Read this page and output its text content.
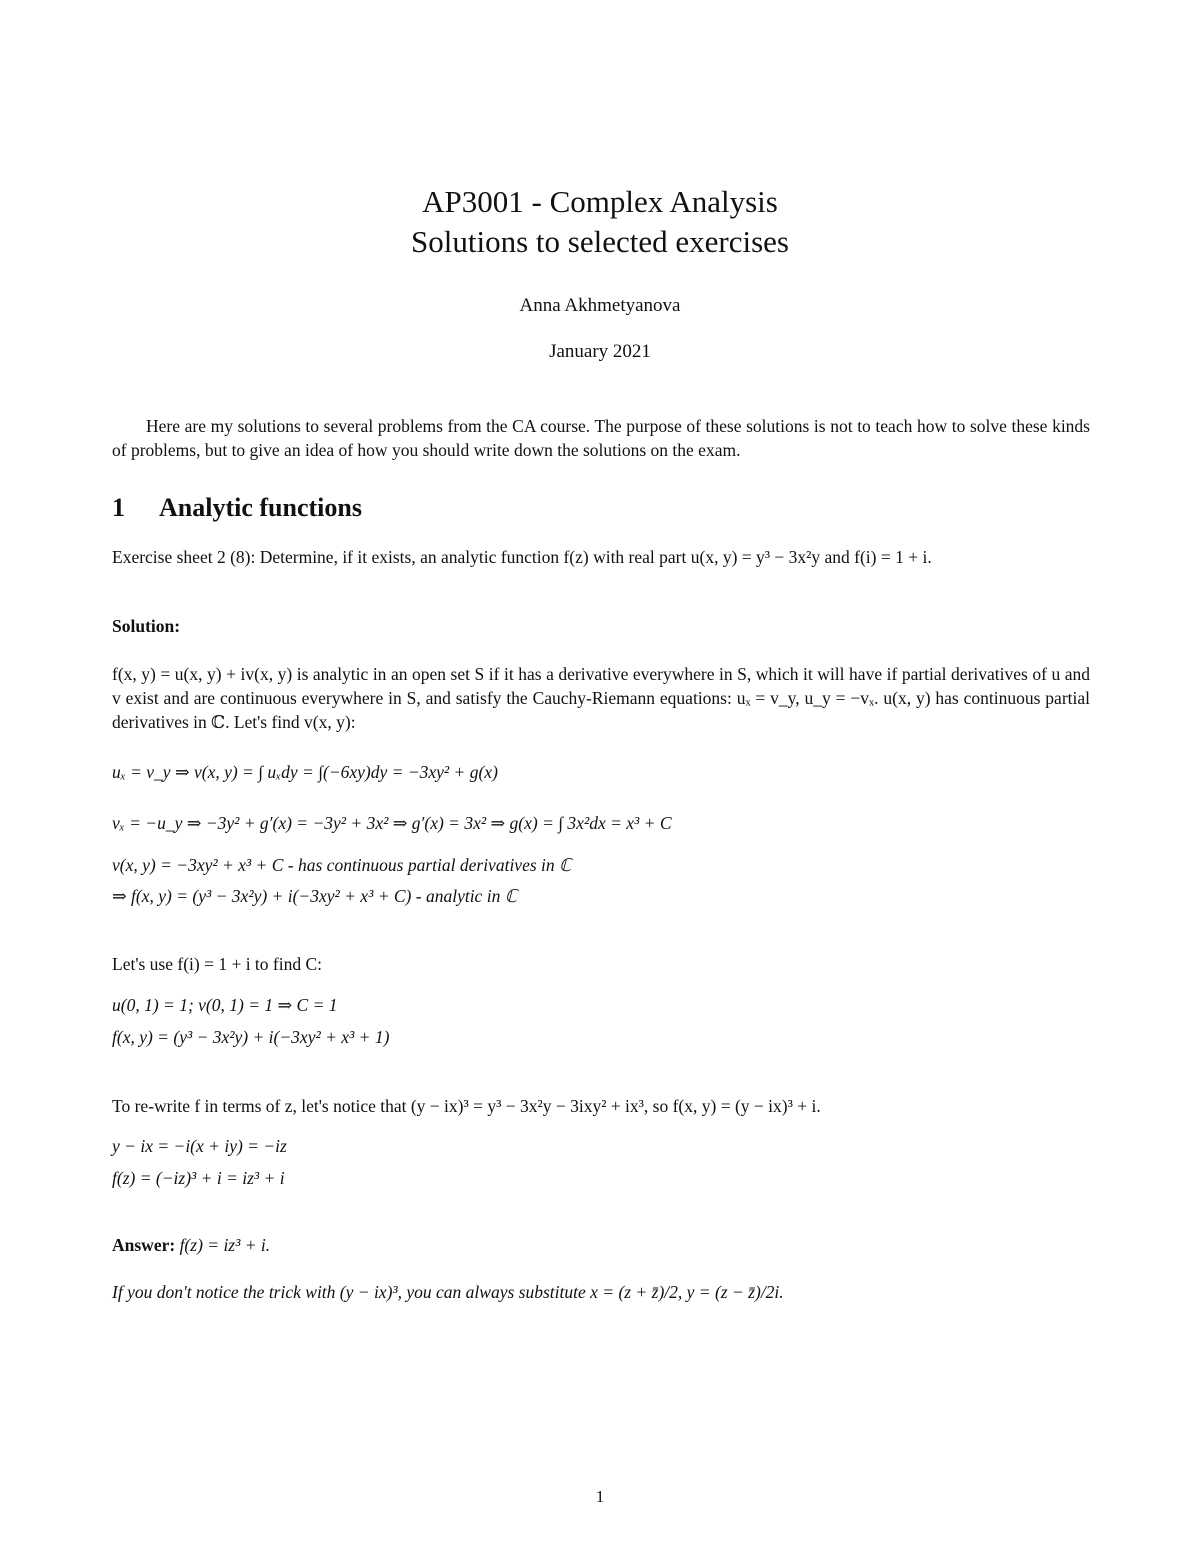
AP3001 - Complex Analysis
Solutions to selected exercises
Anna Akhmetyanova
January 2021
Here are my solutions to several problems from the CA course. The purpose of these solutions is not to teach how to solve these kinds of problems, but to give an idea of how you should write down the solutions on the exam.
1 Analytic functions
Exercise sheet 2 (8): Determine, if it exists, an analytic function f(z) with real part u(x, y) = y³ − 3x²y and f(i) = 1 + i.
Solution:
f(x, y) = u(x, y) + iv(x, y) is analytic in an open set S if it has a derivative everywhere in S, which it will have if partial derivatives of u and v exist and are continuous everywhere in S, and satisfy the Cauchy-Riemann equations: uₓ = v_y, u_y = −vₓ. u(x, y) has continuous partial derivatives in ℂ. Let's find v(x, y):
uₓ = v_y ⇒ v(x, y) = ∫ uₓdy = ∫(−6xy)dy = −3xy² + g(x)
vₓ = −u_y ⇒ −3y² + g′(x) = −3y² + 3x² ⇒ g′(x) = 3x² ⇒ g(x) = ∫ 3x²dx = x³ + C
v(x, y) = −3xy² + x³ + C - has continuous partial derivatives in ℂ
⇒ f(x, y) = (y³ − 3x²y) + i(−3xy² + x³ + C) - analytic in ℂ
Let's use f(i) = 1 + i to find C:
u(0, 1) = 1; v(0, 1) = 1 ⇒ C = 1
f(x, y) = (y³ − 3x²y) + i(−3xy² + x³ + 1)
To re-write f in terms of z, let's notice that (y − ix)³ = y³ − 3x²y − 3ixy² + ix³, so f(x, y) = (y − ix)³ + i.
y − ix = −i(x + iy) = −iz
f(z) = (−iz)³ + i = iz³ + i
Answer: f(z) = iz³ + i.
If you don't notice the trick with (y − ix)³, you can always substitute x = (z + z̄)/2, y = (z − z̄)/2i.
1
